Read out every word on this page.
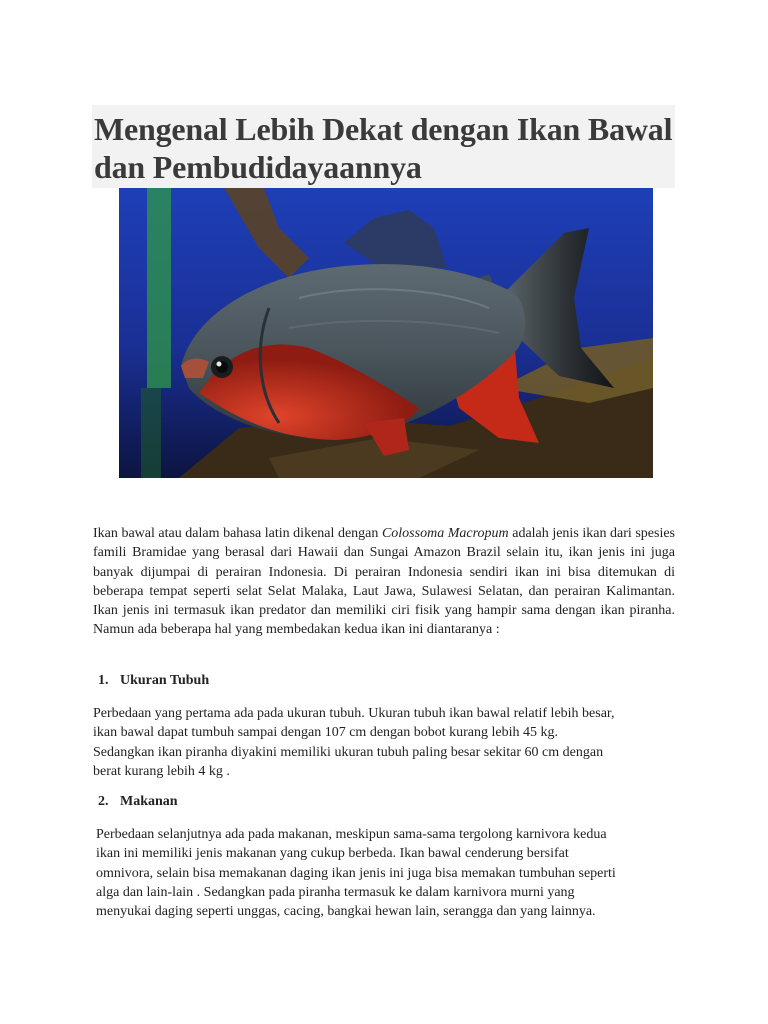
Mengenal Lebih Dekat dengan Ikan Bawal dan Pembudidayaannya

Ikan bawal atau dalam bahasa latin dikenal dengan Colossoma Macropum adalah jenis ikan dari spesies famili Bramidae yang berasal dari Hawaii dan Sungai Amazon Brazil selain itu, ikan jenis ini juga banyak dijumpai di perairan Indonesia. Di perairan Indonesia sendiri ikan ini bisa ditemukan di beberapa tempat seperti selat Selat Malaka, Laut Jawa, Sulawesi Selatan, dan perairan Kalimantan. Ikan jenis ini termasuk ikan predator dan memiliki ciri fisik yang hampir sama dengan ikan piranha. Namun ada beberapa hal yang membedakan kedua ikan ini diantaranya :

1. Ukuran Tubuh
Perbedaan yang pertama ada pada ukuran tubuh. Ukuran tubuh ikan bawal relatif lebih besar,
ikan bawal dapat tumbuh sampai dengan 107 cm dengan bobot kurang lebih 45 kg.
Sedangkan ikan piranha diyakini memiliki ukuran tubuh paling besar sekitar 60 cm dengan
berat kurang lebih 4 kg .
2. Makanan
Perbedaan selanjutnya ada pada makanan, meskipun sama-sama tergolong karnivora kedua
ikan ini memiliki jenis makanan yang cukup berbeda. Ikan bawal cenderung bersifat
omnivora, selain bisa memakanan daging ikan jenis ini juga bisa memakan tumbuhan seperti
alga dan lain-lain . Sedangkan pada piranha termasuk ke dalam karnivora murni yang
menyukai daging seperti unggas, cacing, bangkai hewan lain, serangga dan yang lainnya.
